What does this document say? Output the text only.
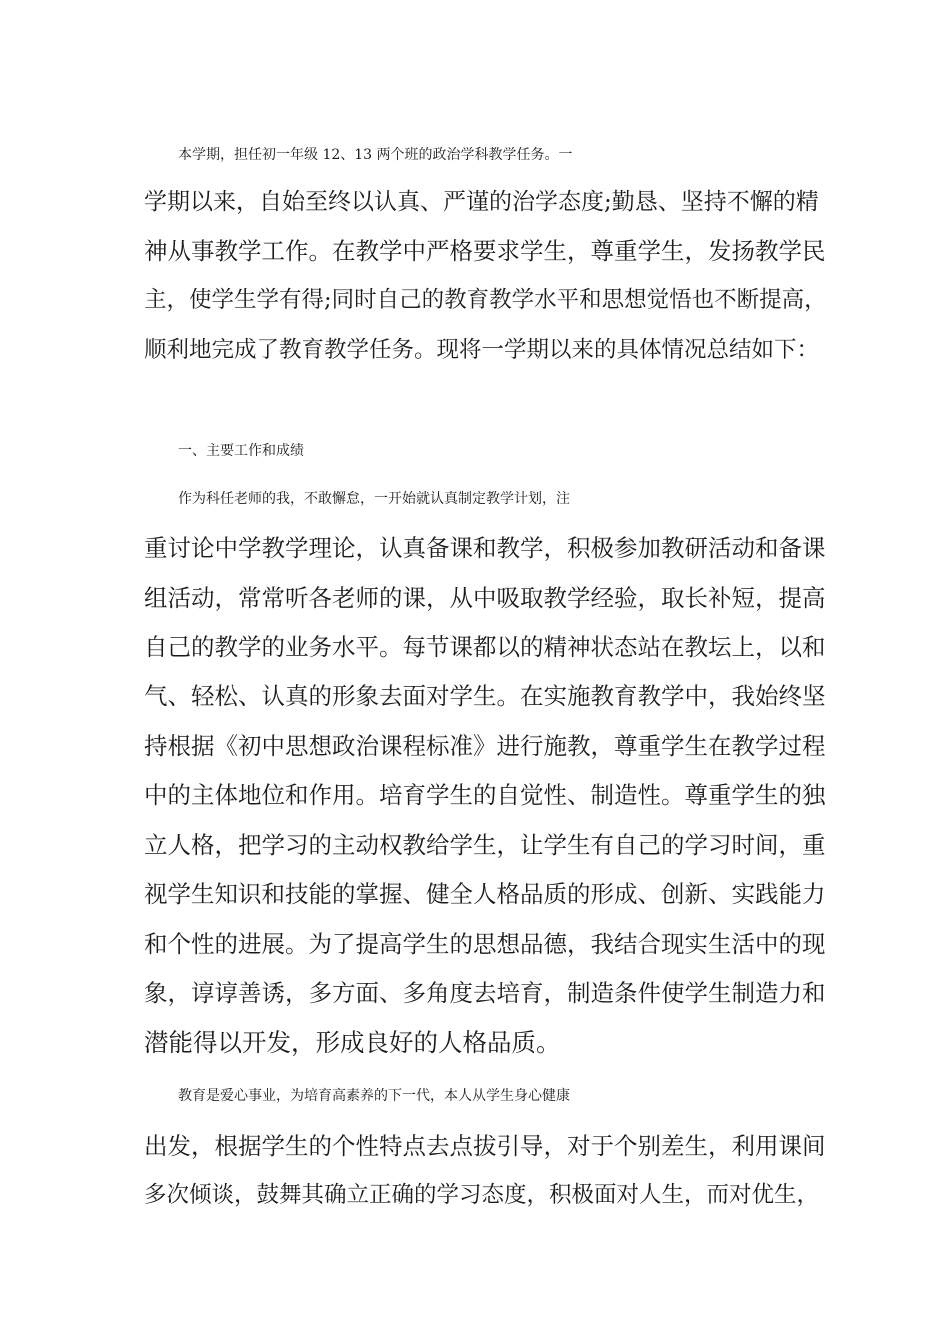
本学期，担任初一年级 12、13 两个班的政治学科教学任务。一
学期以来，自始至终以认真、严谨的治学态度;勤恳、坚持不懈的精
神从事教学工作。在教学中严格要求学生，尊重学生，发扬教学民
主，使学生学有得;同时自己的教育教学水平和思想觉悟也不断提高，
顺利地完成了教育教学任务。现将一学期以来的具体情况总结如下：
一、主要工作和成绩
作为科任老师的我，不敢懈怠，一开始就认真制定教学计划，注
重讨论中学教学理论，认真备课和教学，积极参加教研活动和备课
组活动，常常听各老师的课，从中吸取教学经验，取长补短，提高
自己的教学的业务水平。每节课都以的精神状态站在教坛上，以和
气、轻松、认真的形象去面对学生。在实施教育教学中，我始终坚
持根据《初中思想政治课程标准》进行施教，尊重学生在教学过程
中的主体地位和作用。培育学生的自觉性、制造性。尊重学生的独
立人格，把学习的主动权教给学生，让学生有自己的学习时间，重
视学生知识和技能的掌握、健全人格品质的形成、创新、实践能力
和个性的进展。为了提高学生的思想品德，我结合现实生活中的现
象，谆谆善诱，多方面、多角度去培育，制造条件使学生制造力和
潜能得以开发，形成良好的人格品质。
教育是爱心事业，为培育高素养的下一代，本人从学生身心健康
出发，根据学生的个性特点去点拔引导，对于个别差生，利用课间
多次倾谈，鼓舞其确立正确的学习态度，积极面对人生，而对优生，
